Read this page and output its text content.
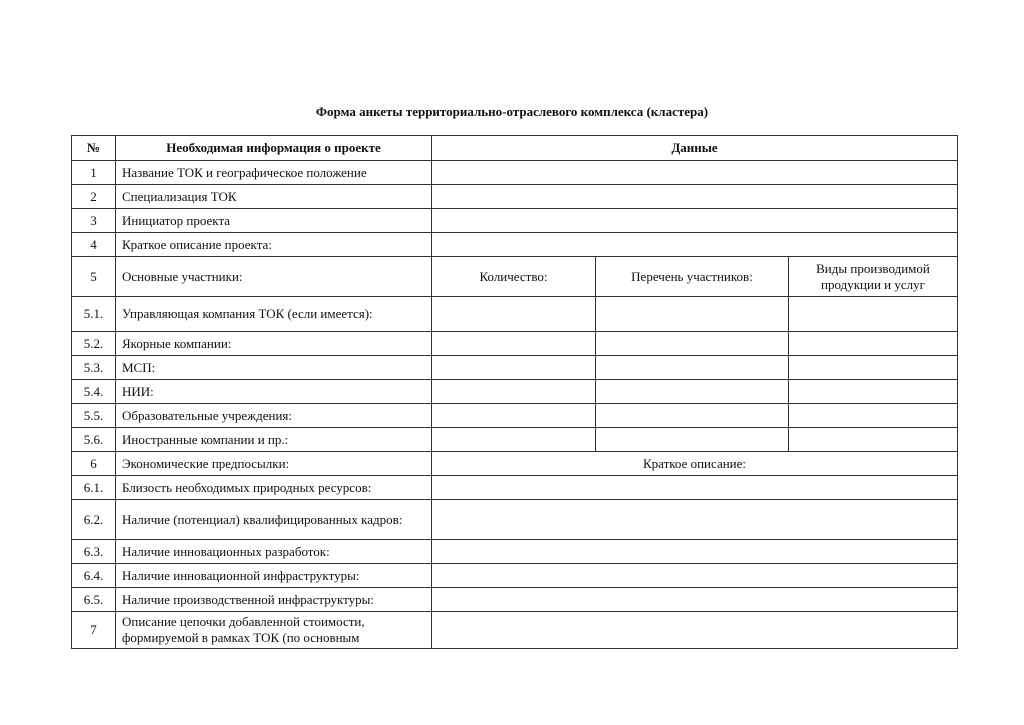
Форма анкеты территориально-отраслевого комплекса (кластера)
№	Необходимая информация о проекте	Данные		
1	Название ТОК и географическое положение			
2	Специализация ТОК			
3	Инициатор проекта			
4	Краткое описание проекта:			
5	Основные участники:	Количество:	Перечень участников:	Виды производимой продукции и услуг
5.1.	Управляющая компания ТОК (если имеется):			
5.2.	Якорные компании:			
5.3.	МСП:			
5.4.	НИИ:			
5.5.	Образовательные учреждения:			
5.6.	Иностранные компании и пр.:			
6	Экономические предпосылки:	Краткое описание:		
6.1.	Близость необходимых природных ресурсов:			
6.2.	Наличие (потенциал) квалифицированных кадров:			
6.3.	Наличие инновационных разработок:			
6.4.	Наличие инновационной инфраструктуры:			
6.5.	Наличие производственной инфраструктуры:			
7	Описание цепочки добавленной стоимости, формируемой в рамках ТОК (по основным			
